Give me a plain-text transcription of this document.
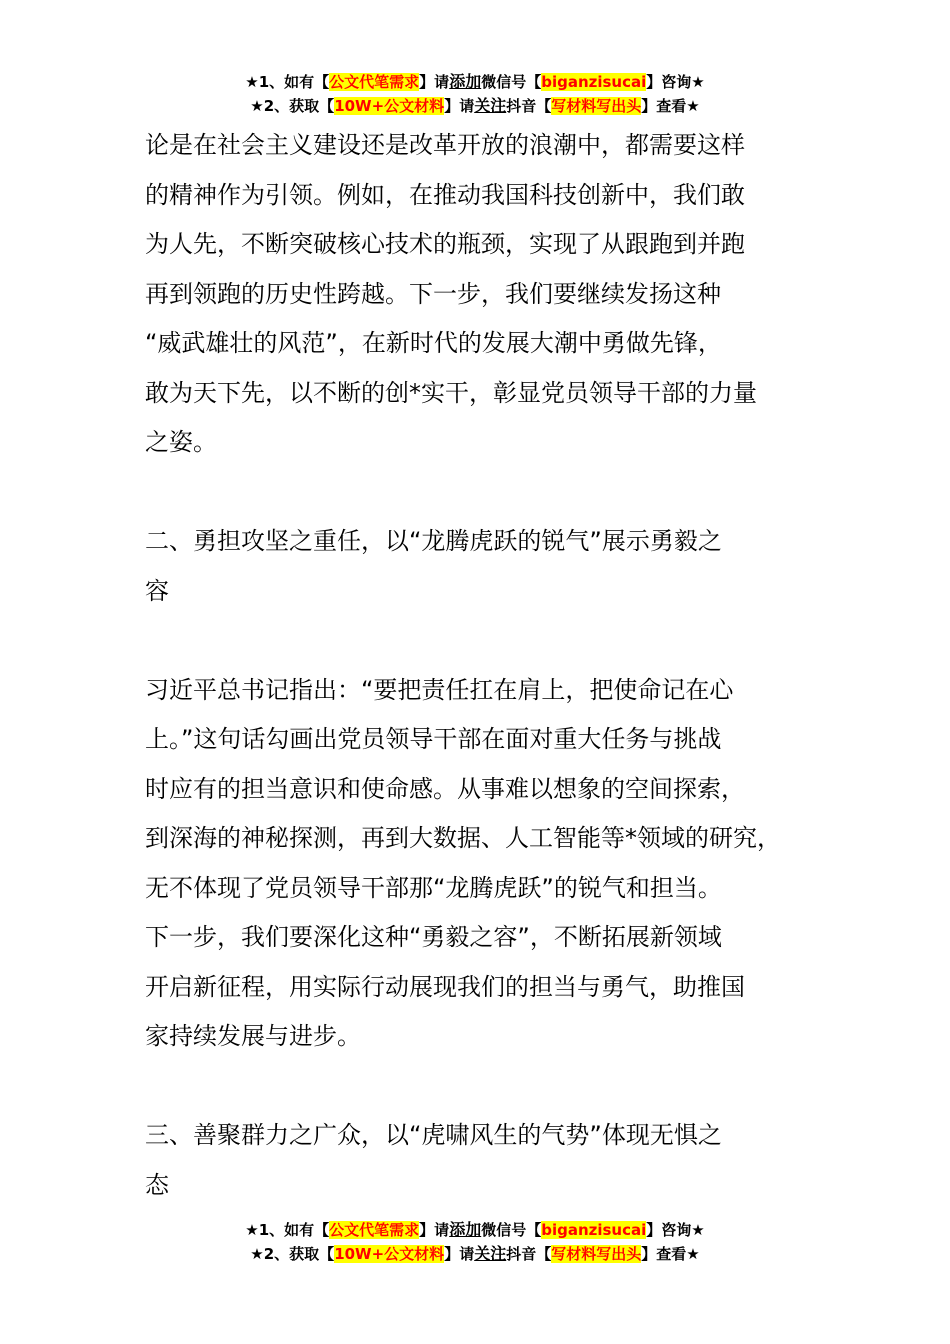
★1、如有【公文代笔需求】请添加微信号【biganzisucai】咨询★
★2、获取【10W+公文材料】请关注抖音【写材料写出头】查看★
论是在社会主义建设还是改革开放的浪潮中，都需要这样
的精神作为引领。例如，在推动我国科技创新中，我们敢
为人先，不断突破核心技术的瓶颈，实现了从跟跑到并跑
再到领跑的历史性跨越。下一步，我们要继续发扬这种
“威武雄壮的风范”，在新时代的发展大潮中勇做先锋，
敢为天下先，以不断的创*实干，彰显党员领导干部的力量
之姿。
二、勇担攻坚之重任，以“龙腾虎跃的锐气”展示勇毅之
容
习近平总书记指出：“要把责任扛在肩上，把使命记在心
上。”这句话勾画出党员领导干部在面对重大任务与挑战
时应有的担当意识和使命感。从事难以想象的空间探索，
到深海的神秘探测，再到大数据、人工智能等*领域的研究，
无不体现了党员领导干部那“龙腾虎跃”的锐气和担当。
下一步，我们要深化这种“勇毅之容”，不断拓展新领域
开启新征程，用实际行动展现我们的担当与勇气，助推国
家持续发展与进步。
三、善聚群力之广众，以“虎啸风生的气势”体现无惧之
态
★1、如有【公文代笔需求】请添加微信号【biganzisucai】咨询★
★2、获取【10W+公文材料】请关注抖音【写材料写出头】查看★
